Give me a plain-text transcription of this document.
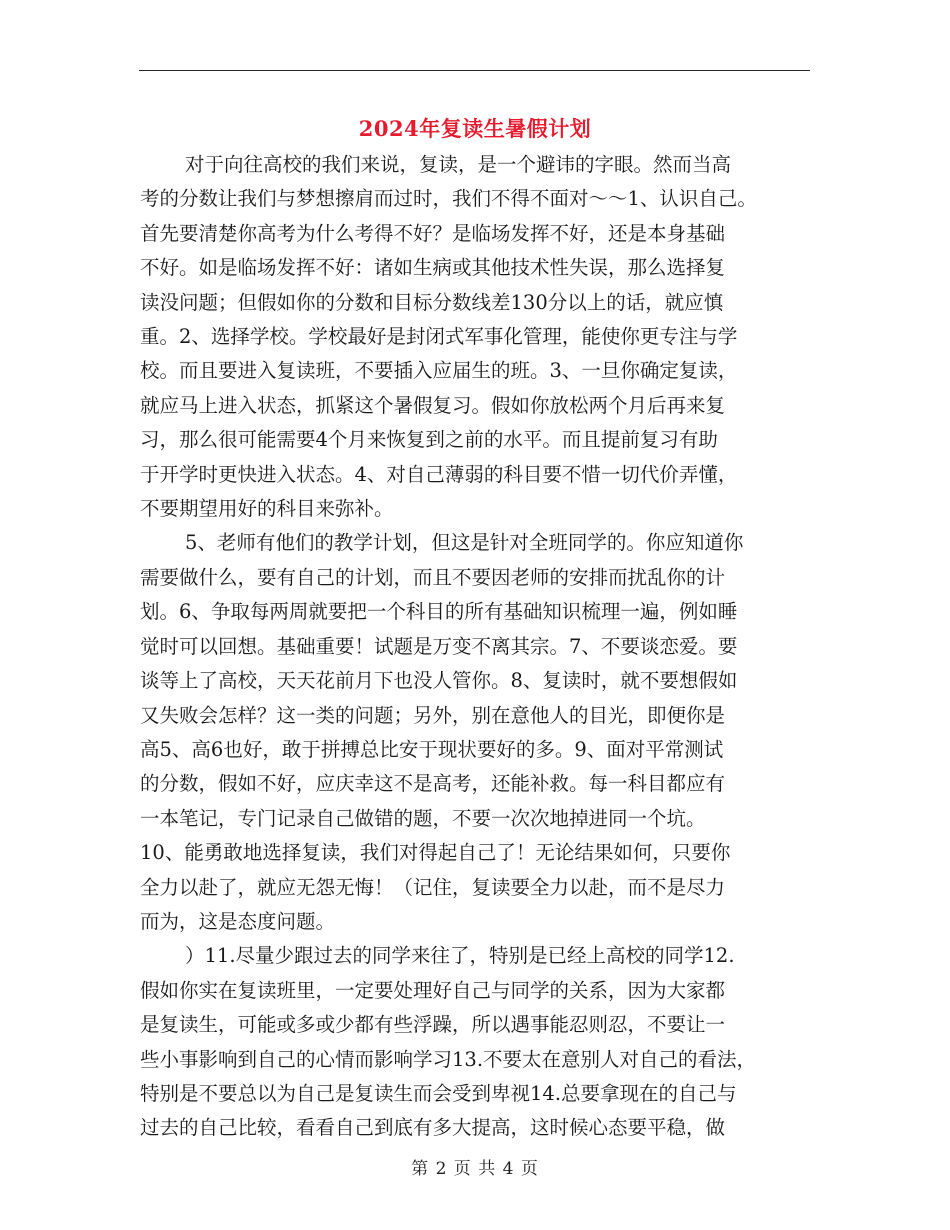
2024年复读生暑假计划
对于向往高校的我们来说，复读，是一个避讳的字眼。然而当高
考的分数让我们与梦想擦肩而过时，我们不得不面对～～1、认识自己。
首先要清楚你高考为什么考得不好？是临场发挥不好，还是本身基础
不好。如是临场发挥不好：诸如生病或其他技术性失误，那么选择复
读没问题；但假如你的分数和目标分数线差130分以上的话，就应慎
重。2、选择学校。学校最好是封闭式军事化管理，能使你更专注与学
校。而且要进入复读班，不要插入应届生的班。3、一旦你确定复读，
就应马上进入状态，抓紧这个暑假复习。假如你放松两个月后再来复
习，那么很可能需要4个月来恢复到之前的水平。而且提前复习有助
于开学时更快进入状态。4、对自己薄弱的科目要不惜一切代价弄懂，
不要期望用好的科目来弥补。
5、老师有他们的教学计划，但这是针对全班同学的。你应知道你
需要做什么，要有自己的计划，而且不要因老师的安排而扰乱你的计
划。6、争取每两周就要把一个科目的所有基础知识梳理一遍，例如睡
觉时可以回想。基础重要！试题是万变不离其宗。7、不要谈恋爱。要
谈等上了高校，天天花前月下也没人管你。8、复读时，就不要想假如
又失败会怎样？这一类的问题；另外，别在意他人的目光，即便你是
高5、高6也好，敢于拼搏总比安于现状要好的多。9、面对平常测试
的分数，假如不好，应庆幸这不是高考，还能补救。每一科目都应有
一本笔记，专门记录自己做错的题，不要一次次地掉进同一个坑。
10、能勇敢地选择复读，我们对得起自己了！无论结果如何，只要你
全力以赴了，就应无怨无悔！（记住，复读要全力以赴，而不是尽力
而为，这是态度问题。
）11.尽量少跟过去的同学来往了，特别是已经上高校的同学12.
假如你实在复读班里，一定要处理好自己与同学的关系，因为大家都
是复读生，可能或多或少都有些浮躁，所以遇事能忍则忍，不要让一
些小事影响到自己的心情而影响学习13.不要太在意别人对自己的看法，
特别是不要总以为自己是复读生而会受到卑视14.总要拿现在的自己与
过去的自己比较，看看自己到底有多大提高，这时候心态要平稳，做
第 2 页 共 4 页
